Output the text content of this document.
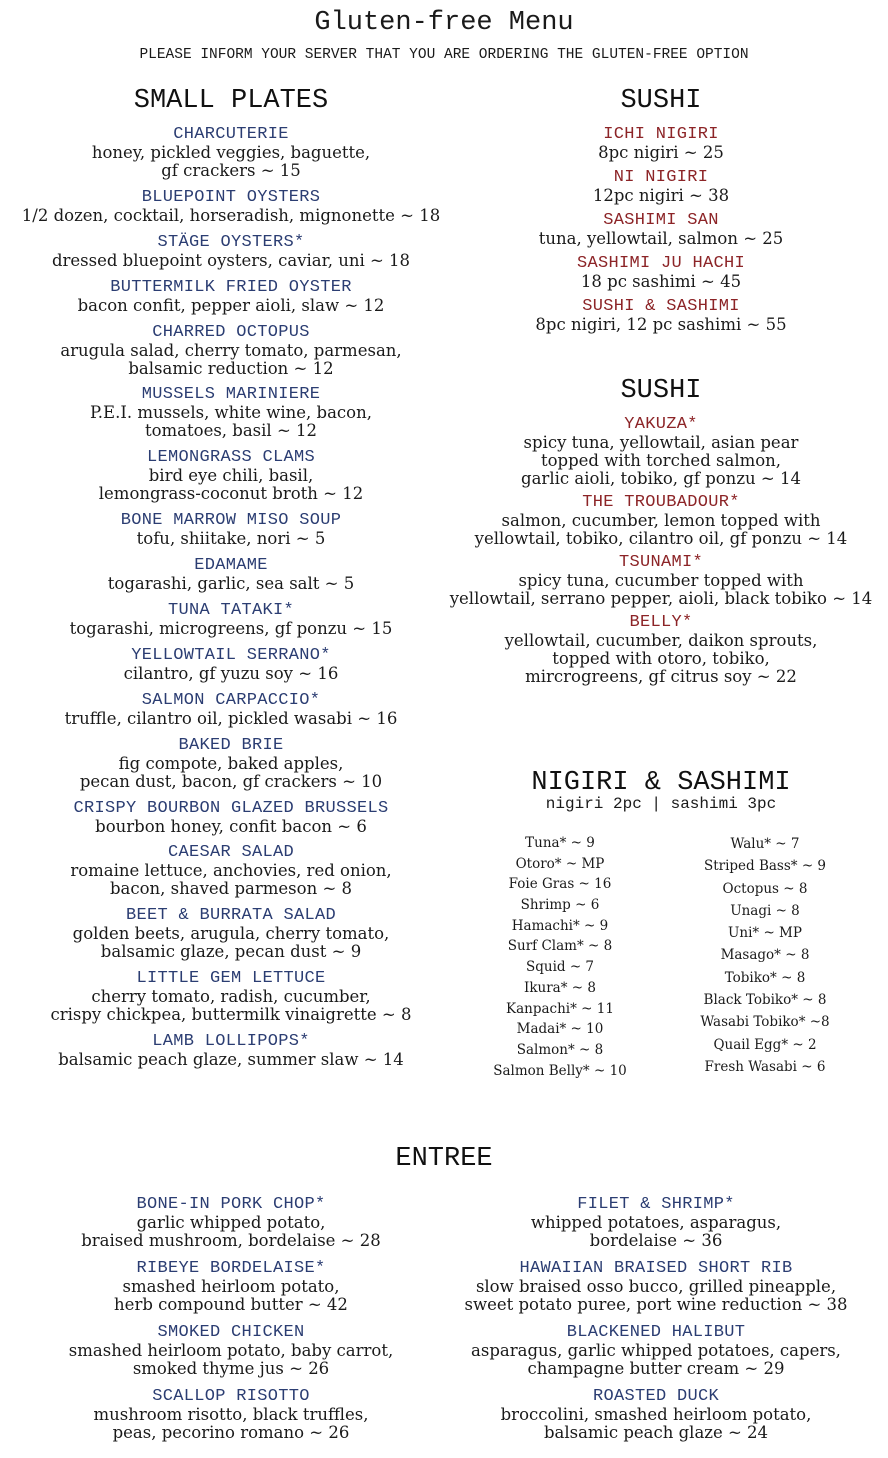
Gluten-free Menu
PLEASE INFORM YOUR SERVER THAT YOU ARE ORDERING THE GLUTEN-FREE OPTION
SMALL PLATES
CHARCUTERIE
honey, pickled veggies, baguette,
gf crackers ~ 15
BLUEPOINT OYSTERS
1/2 dozen, cocktail, horseradish, mignonette ~ 18
STÄGE OYSTERS*
dressed bluepoint oysters, caviar, uni ~ 18
BUTTERMILK FRIED OYSTER
bacon confit, pepper aioli, slaw ~ 12
CHARRED OCTOPUS
arugula salad, cherry tomato, parmesan,
balsamic reduction ~ 12
MUSSELS MARINIERE
P.E.I. mussels, white wine, bacon,
tomatoes, basil ~ 12
LEMONGRASS CLAMS
bird eye chili, basil,
lemongrass-coconut broth ~ 12
BONE MARROW MISO SOUP
tofu, shiitake, nori ~ 5
EDAMAME
togarashi, garlic, sea salt ~ 5
TUNA TATAKI*
togarashi, microgreens, gf ponzu ~ 15
YELLOWTAIL SERRANO*
cilantro, gf yuzu soy ~ 16
SALMON CARPACCIO*
truffle, cilantro oil, pickled wasabi ~ 16
BAKED BRIE
fig compote, baked apples,
pecan dust, bacon, gf crackers ~ 10
CRISPY BOURBON GLAZED BRUSSELS
bourbon honey, confit bacon ~ 6
CAESAR SALAD
romaine lettuce, anchovies, red onion,
bacon, shaved parmeson ~ 8
BEET & BURRATA SALAD
golden beets, arugula, cherry tomato,
balsamic glaze, pecan dust ~ 9
LITTLE GEM LETTUCE
cherry tomato, radish, cucumber,
crispy chickpea, buttermilk vinaigrette ~ 8
LAMB LOLLIPOPS*
balsamic peach glaze, summer slaw ~ 14
SUSHI
ICHI NIGIRI
8pc nigiri ~ 25
NI NIGIRI
12pc nigiri ~ 38
SASHIMI SAN
tuna, yellowtail, salmon ~ 25
SASHIMI JU HACHI
18 pc sashimi ~ 45
SUSHI & SASHIMI
8pc nigiri, 12 pc sashimi ~ 55
SUSHI
YAKUZA*
spicy tuna, yellowtail, asian pear
topped with torched salmon,
garlic aioli, tobiko, gf ponzu ~ 14
THE TROUBADOUR*
salmon, cucumber, lemon topped with
yellowtail, tobiko, cilantro oil, gf ponzu ~ 14
TSUNAMI*
spicy tuna, cucumber topped with
yellowtail, serrano pepper, aioli, black tobiko ~ 14
BELLY*
yellowtail, cucumber, daikon sprouts,
topped with otoro, tobiko,
mircrogreens, gf citrus soy ~ 22
NIGIRI & SASHIMI
nigiri 2pc | sashimi 3pc
Tuna* ~ 9
Otoro* ~ MP
Foie Gras ~ 16
Shrimp ~ 6
Hamachi* ~ 9
Surf Clam* ~ 8
Squid ~ 7
Ikura* ~ 8
Kanpachi* ~ 11
Madai* ~ 10
Salmon* ~ 8
Salmon Belly* ~ 10
Walu* ~ 7
Striped Bass* ~ 9
Octopus ~ 8
Unagi ~ 8
Uni* ~ MP
Masago* ~ 8
Tobiko* ~ 8
Black Tobiko* ~ 8
Wasabi Tobiko* ~8
Quail Egg* ~ 2
Fresh Wasabi ~ 6
ENTREE
BONE-IN PORK CHOP*
garlic whipped potato,
braised mushroom, bordelaise ~ 28
RIBEYE BORDELAISE*
smashed heirloom potato,
herb compound butter ~ 42
SMOKED CHICKEN
smashed heirloom potato, baby carrot,
smoked thyme jus ~ 26
SCALLOP RISOTTO
mushroom risotto, black truffles,
peas, pecorino romano ~ 26
FILET & SHRIMP*
whipped potatoes, asparagus,
bordelaise ~ 36
HAWAIIAN BRAISED SHORT RIB
slow braised osso bucco, grilled pineapple,
sweet potato puree, port wine reduction ~ 38
BLACKENED HALIBUT
asparagus, garlic whipped potatoes, capers,
champagne butter cream ~ 29
ROASTED DUCK
broccolini, smashed heirloom potato,
balsamic peach glaze ~ 24
